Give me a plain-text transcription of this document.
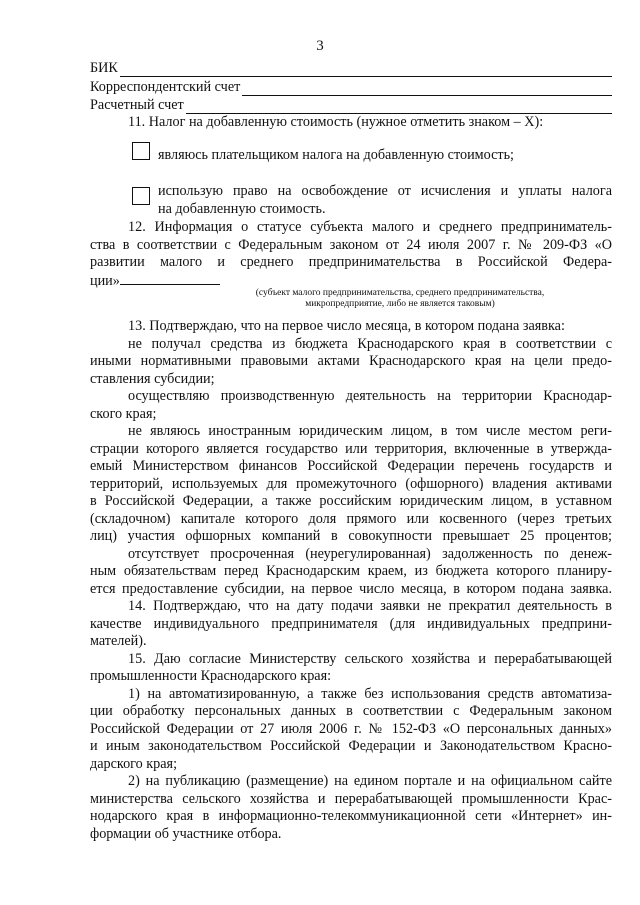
3
БИК
Корреспондентский счет
Расчетный счет
11. Налог на добавленную стоимость (нужное отметить знаком – Х):
являюсь плательщиком налога на добавленную стоимость;
использую право на освобождение от исчисления и уплаты налога
на добавленную стоимость.
12. Информация о статусе субъекта малого и среднего предприниматель-
ства в соответствии с Федеральным законом от 24 июля 2007 г. № 209-ФЗ «О
развитии малого и среднего предпринимательства в Российской Федера-
ции»
(субъект малого предпринимательства, среднего предпринимательства,
микропредприятие, либо не является таковым)
13. Подтверждаю, что на первое число месяца, в котором подана заявка:
не получал средства из бюджета Краснодарского края в соответствии с
иными нормативными правовыми актами Краснодарского края на цели предо-
ставления субсидии;
осуществляю производственную деятельность на территории Краснодар-
ского края;
не являюсь иностранным юридическим лицом, в том числе местом реги-
страции которого является государство или территория, включенные в утвержда-
емый Министерством финансов Российской Федерации перечень государств и
территорий, используемых для промежуточного (офшорного) владения активами
в Российской Федерации, а также российским юридическим лицом, в уставном
(складочном) капитале которого доля прямого или косвенного (через третьих
лиц) участия офшорных компаний в совокупности превышает 25 процентов;
отсутствует просроченная (неурегулированная) задолженность по денеж-
ным обязательствам перед Краснодарским краем, из бюджета которого планиру-
ется предоставление субсидии, на первое число месяца, в котором подана заявка.
14. Подтверждаю, что на дату подачи заявки не прекратил деятельность в
качестве индивидуального предпринимателя (для индивидуальных предприни-
мателей).
15. Даю согласие Министерству сельского хозяйства и перерабатывающей
промышленности Краснодарского края:
1) на автоматизированную, а также без использования средств автоматиза-
ции обработку персональных данных в соответствии с Федеральным законом
Российской Федерации от 27 июля 2006 г. № 152-ФЗ «О персональных данных»
и иным законодательством Российской Федерации и Законодательством Красно-
дарского края;
2) на публикацию (размещение) на едином портале и на официальном сайте
министерства сельского хозяйства и перерабатывающей промышленности Крас-
нодарского края в информационно-телекоммуникационной сети «Интернет» ин-
формации об участнике отбора.
